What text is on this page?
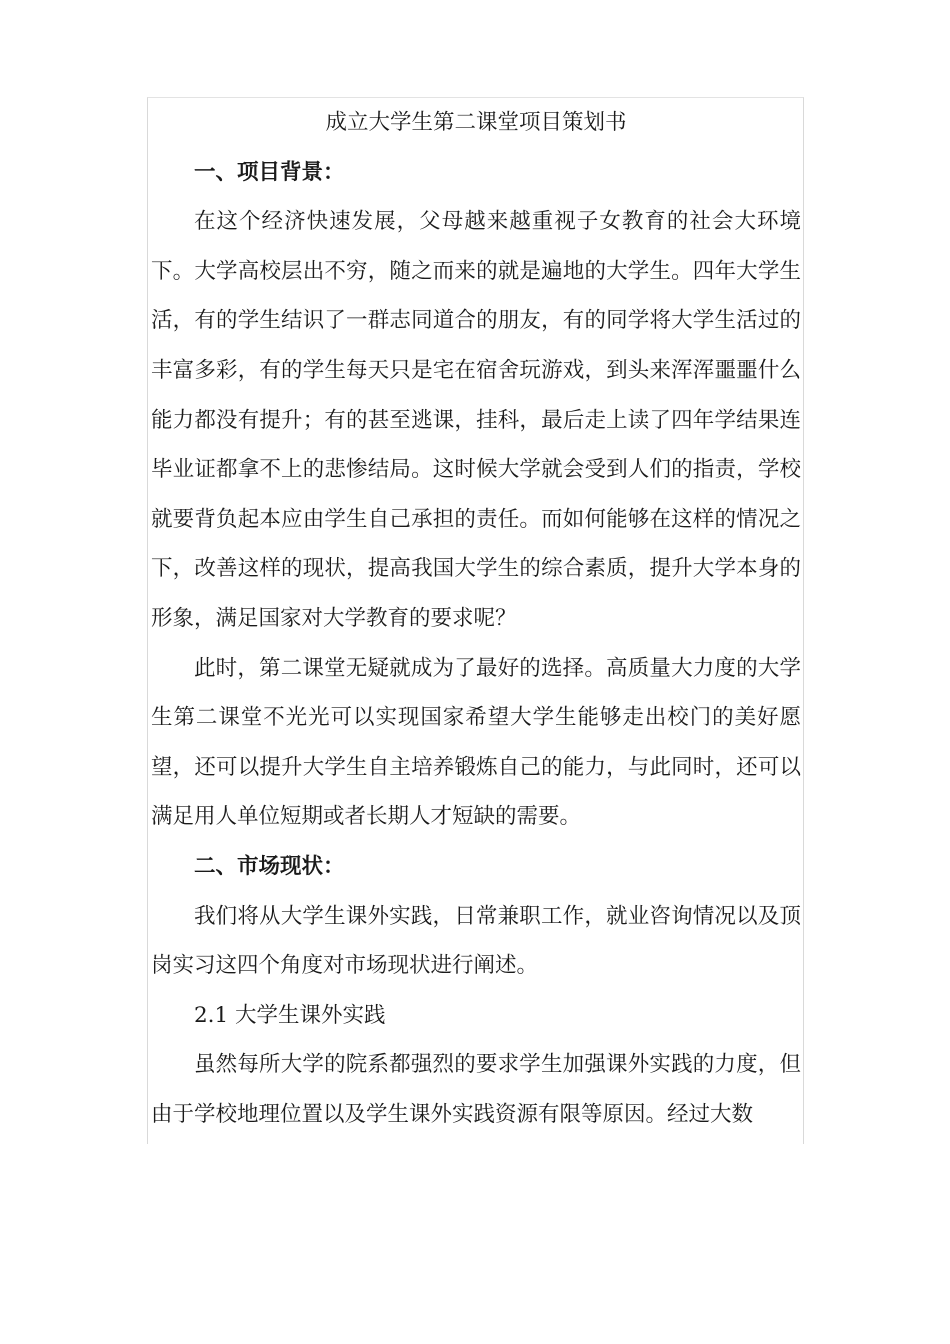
成立大学生第二课堂项目策划书

一、项目背景：

在这个经济快速发展，父母越来越重视子女教育的社会大环境下。大学高校层出不穷，随之而来的就是遍地的大学生。四年大学生活，有的学生结识了一群志同道合的朋友，有的同学将大学生活过的丰富多彩，有的学生每天只是宅在宿舍玩游戏，到头来浑浑噩噩什么能力都没有提升；有的甚至逃课，挂科，最后走上读了四年学结果连毕业证都拿不上的悲惨结局。这时候大学就会受到人们的指责，学校就要背负起本应由学生自己承担的责任。而如何能够在这样的情况之下，改善这样的现状，提高我国大学生的综合素质，提升大学本身的形象，满足国家对大学教育的要求呢？

此时，第二课堂无疑就成为了最好的选择。高质量大力度的大学生第二课堂不光光可以实现国家希望大学生能够走出校门的美好愿望，还可以提升大学生自主培养锻炼自己的能力，与此同时，还可以满足用人单位短期或者长期人才短缺的需要。

二、市场现状：

我们将从大学生课外实践，日常兼职工作，就业咨询情况以及顶岗实习这四个角度对市场现状进行阐述。

2.1 大学生课外实践

虽然每所大学的院系都强烈的要求学生加强课外实践的力度，但由于学校地理位置以及学生课外实践资源有限等原因。经过大数
